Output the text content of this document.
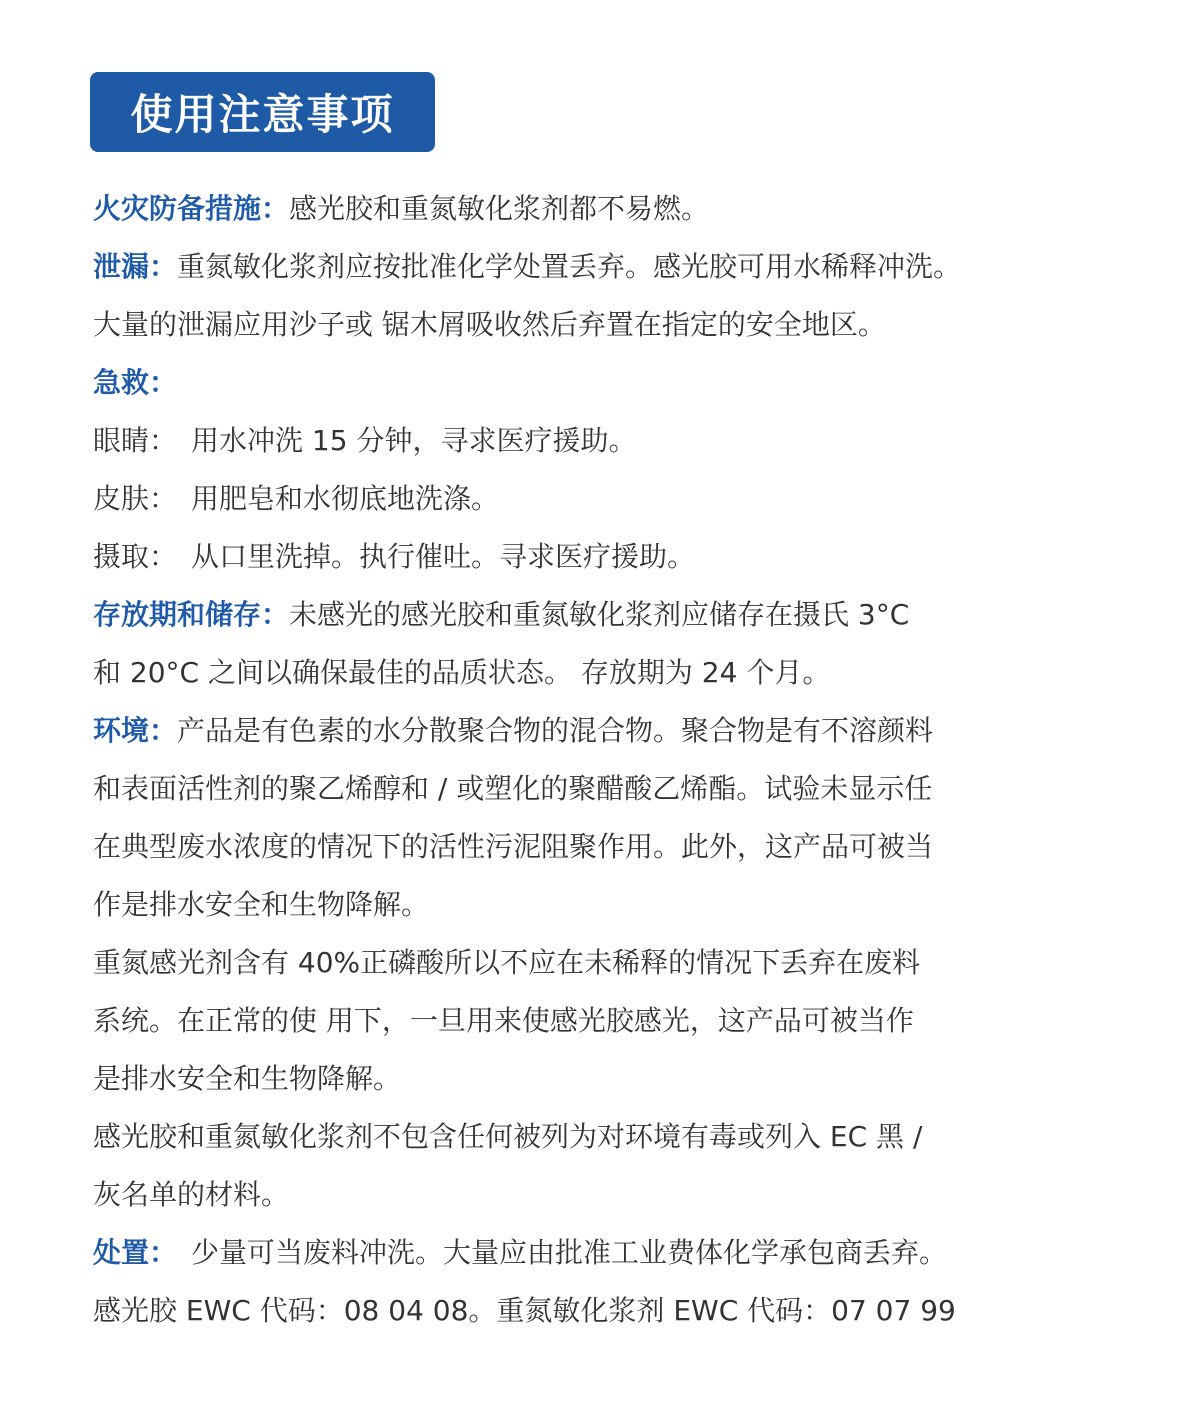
使用注意事项
火灾防备措施：感光胶和重氮敏化浆剂都不易燃。
泄漏：重氮敏化浆剂应按批准化学处置丢弃。感光胶可用水稀释冲洗。
大量的泄漏应用沙子或 锯木屑吸收然后弃置在指定的安全地区。
急救：
眼睛： 用水冲洗 15 分钟，寻求医疗援助。
皮肤： 用肥皂和水彻底地洗涤。
摄取： 从口里洗掉。执行催吐。寻求医疗援助。
存放期和储存：未感光的感光胶和重氮敏化浆剂应储存在摄氏 3°C
和 20°C 之间以确保最佳的品质状态。 存放期为 24 个月。
环境：产品是有色素的水分散聚合物的混合物。聚合物是有不溶颜料
和表面活性剂的聚乙烯醇和 / 或塑化的聚醋酸乙烯酯。试验未显示任
在典型废水浓度的情况下的活性污泥阻聚作用。此外，这产品可被当
作是排水安全和生物降解。
重氮感光剂含有 40%正磷酸所以不应在未稀释的情况下丢弃在废料
系统。在正常的使 用下，一旦用来使感光胶感光，这产品可被当作
是排水安全和生物降解。
感光胶和重氮敏化浆剂不包含任何被列为对环境有毒或列入 EC 黑 /
灰名单的材料。
处置： 少量可当废料冲洗。大量应由批准工业费体化学承包商丢弃。
感光胶 EWC 代码：08 04 08。重氮敏化浆剂 EWC 代码：07 07 99
